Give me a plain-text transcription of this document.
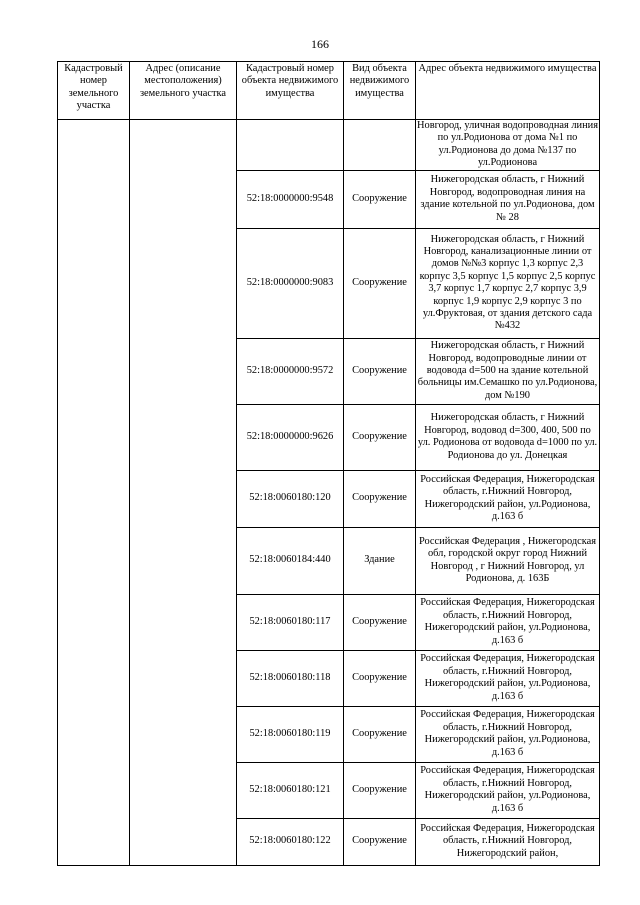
166
Кадастровый номер земельного участка	Адрес (описание местоположения) земельного участка	Кадастровый номер объекта недвижимого имущества	Вид объекта недвижимого имущества	Адрес объекта недвижимого имущества
				Новгород, уличная водопроводная линия по ул.Родионова от дома №1 по ул.Родионова до дома №137 по ул.Родионова
		52:18:0000000:9548	Сооружение	Нижегородская область, г Нижний Новгород, водопроводная линия на здание котельной по ул.Родионова, дом № 28
		52:18:0000000:9083	Сооружение	Нижегородская область, г Нижний Новгород, канализационные линии от домов №№3 корпус 1,3 корпус 2,3 корпус 3,5 корпус 1,5 корпус 2,5 корпус 3,7 корпус 1,7 корпус 2,7 корпус 3,9 корпус 1,9 корпус 2,9 корпус 3 по ул.Фруктовая, от здания детского сада №432
		52:18:0000000:9572	Сооружение	Нижегородская область, г Нижний Новгород, водопроводные линии от водовода d=500 на здание котельной больницы им.Семашко по ул.Родионова, дом №190
		52:18:0000000:9626	Сооружение	Нижегородская область, г Нижний Новгород, водовод d=300, 400, 500 по ул. Родионова от водовода d=1000 по ул. Родионова до ул. Донецкая
		52:18:0060180:120	Сооружение	Российская Федерация, Нижегородская область, г.Нижний Новгород, Нижегородский район, ул.Родионова, д.163 б
		52:18:0060184:440	Здание	Российская Федерация , Нижегородская обл, городской округ город Нижний Новгород , г Нижний Новгород, ул Родионова, д. 163Б
		52:18:0060180:117	Сооружение	Российская Федерация, Нижегородская область, г.Нижний Новгород, Нижегородский район, ул.Родионова, д.163 б
		52:18:0060180:118	Сооружение	Российская Федерация, Нижегородская область, г.Нижний Новгород, Нижегородский район, ул.Родионова, д.163 б
		52:18:0060180:119	Сооружение	Российская Федерация, Нижегородская область, г.Нижний Новгород, Нижегородский район, ул.Родионова, д.163 б
		52:18:0060180:121	Сооружение	Российская Федерация, Нижегородская область, г.Нижний Новгород, Нижегородский район, ул.Родионова, д.163 б
		52:18:0060180:122	Сооружение	Российская Федерация, Нижегородская область, г.Нижний Новгород, Нижегородский район,
